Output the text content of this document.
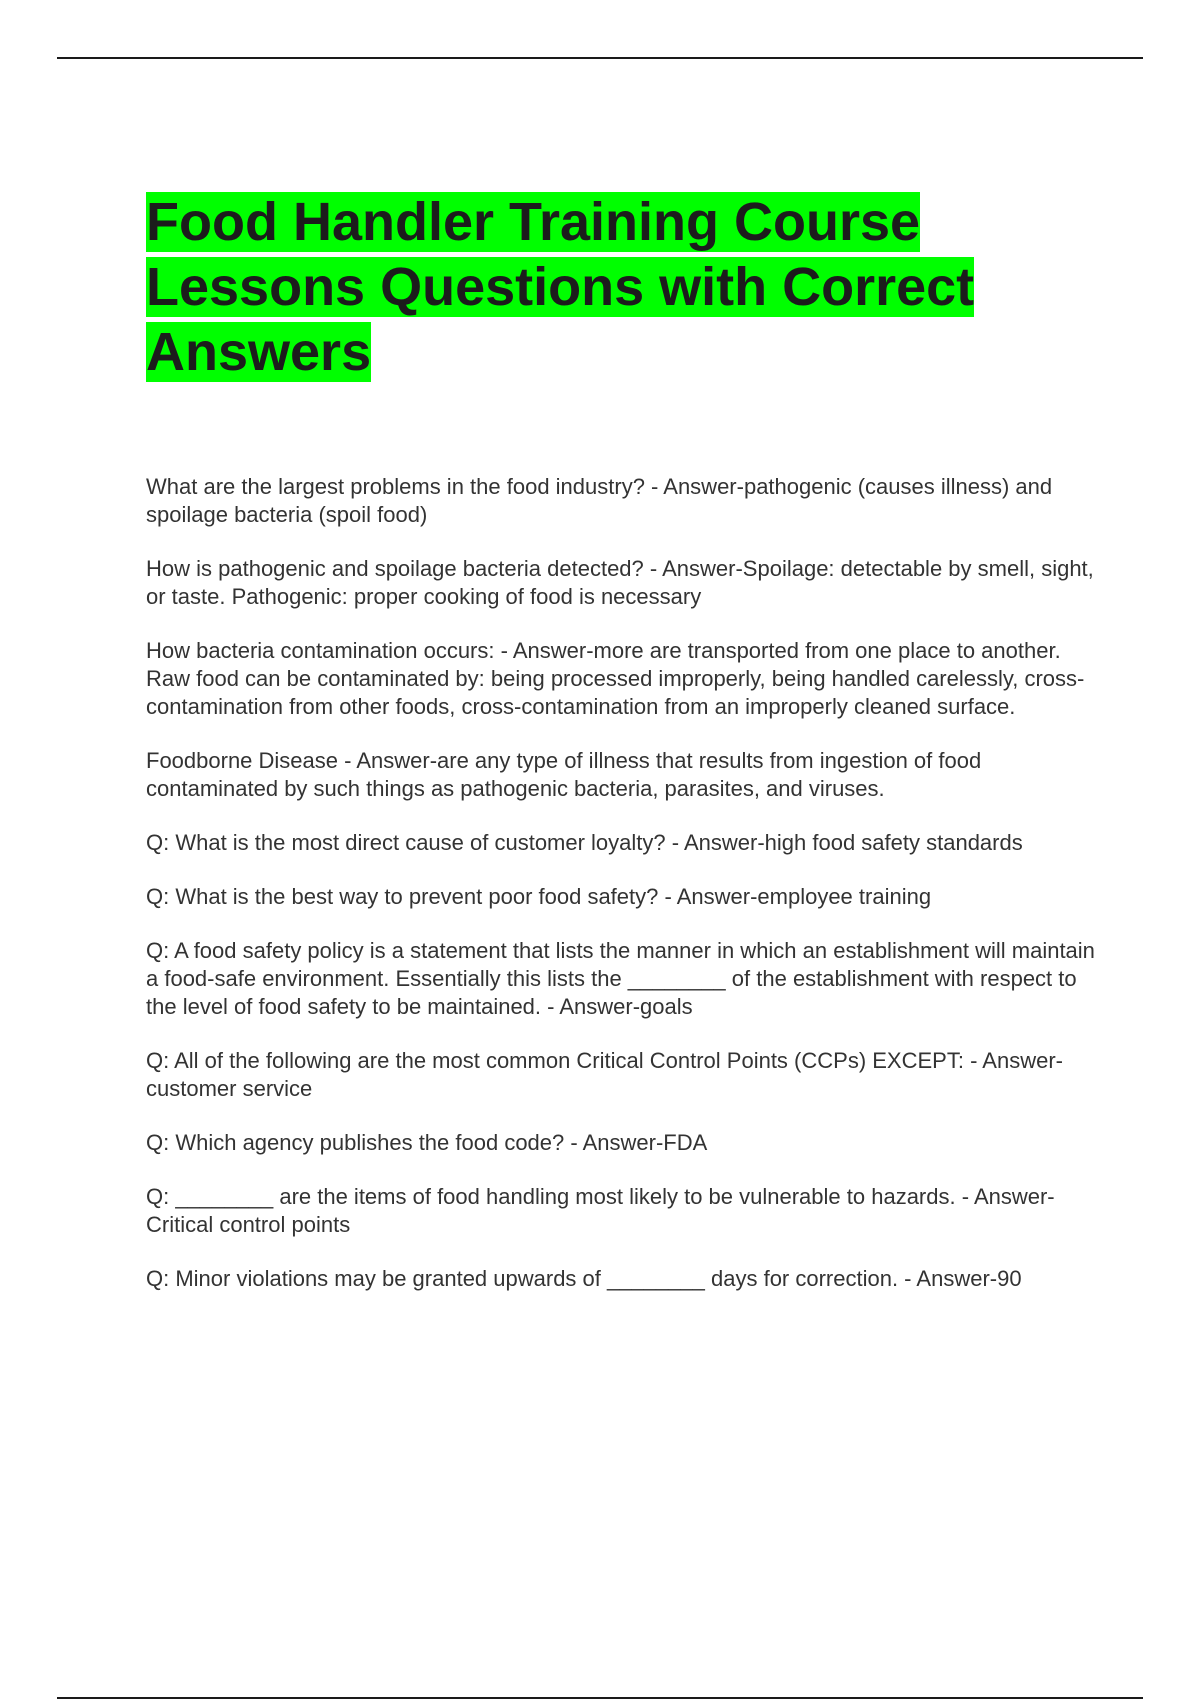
Food Handler Training Course Lessons Questions with Correct Answers

What are the largest problems in the food industry? - Answer-pathogenic (causes illness) and spoilage bacteria (spoil food)

How is pathogenic and spoilage bacteria detected? - Answer-Spoilage: detectable by smell, sight, or taste. Pathogenic: proper cooking of food is necessary

How bacteria contamination occurs: - Answer-more are transported from one place to another. Raw food can be contaminated by: being processed improperly, being handled carelessly, cross-contamination from other foods, cross-contamination from an improperly cleaned surface.

Foodborne Disease - Answer-are any type of illness that results from ingestion of food contaminated by such things as pathogenic bacteria, parasites, and viruses.

Q: What is the most direct cause of customer loyalty? - Answer-high food safety standards

Q: What is the best way to prevent poor food safety? - Answer-employee training

Q: A food safety policy is a statement that lists the manner in which an establishment will maintain a food-safe environment. Essentially this lists the ________ of the establishment with respect to the level of food safety to be maintained. - Answer-goals

Q: All of the following are the most common Critical Control Points (CCPs) EXCEPT: - Answer-customer service

Q: Which agency publishes the food code? - Answer-FDA

Q: ________ are the items of food handling most likely to be vulnerable to hazards. - Answer-Critical control points

Q: Minor violations may be granted upwards of ________ days for correction. - Answer-90
